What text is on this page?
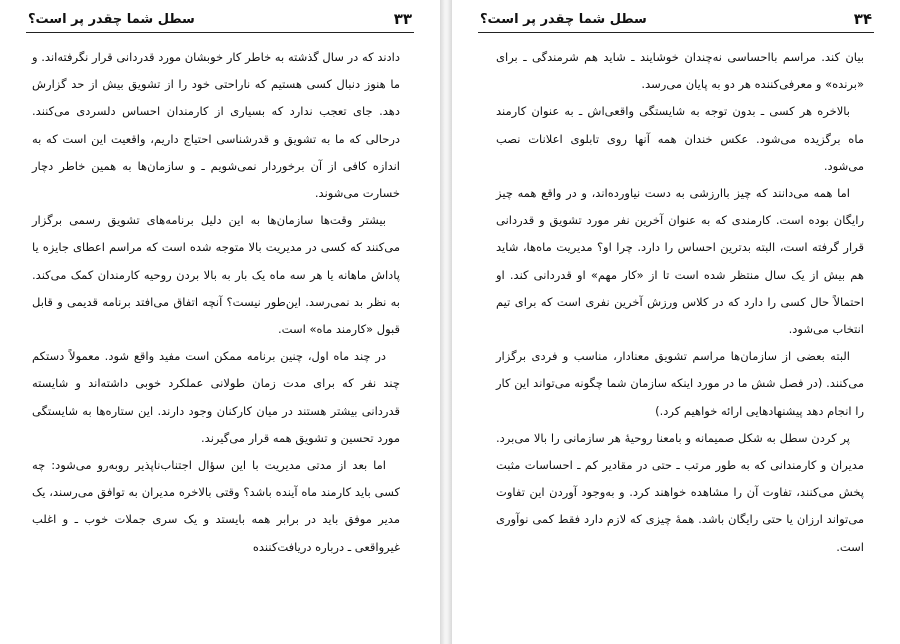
سطل شما چقدر پر است؟	۳۳

دادند که در سال گذشته به خاطر کار خوبشان مورد قدردانی قرار نگرفته‌اند. و ما هنوز دنبال کسی هستیم که ناراحتی خود را از تشویق بیش از حد گزارش دهد. جای تعجب ندارد که بسیاری از کارمندان احساس دلسردی می‌کنند. درحالی که ما به تشویق و قدرشناسی احتیاج داریم، واقعیت این است که به اندازه کافی از آن برخوردار نمی‌شویم ـ و سازمان‌ها به همین خاطر دچار خسارت می‌شوند.

بیشتر وقت‌ها سازمان‌ها به این دلیل برنامه‌های تشویق رسمی برگزار می‌کنند که کسی در مدیریت بالا متوجه شده است که مراسم اعطای جایزه یا پاداش ماهانه یا هر سه ماه یک بار به بالا بردن روحیه کارمندان کمک می‌کند. به نظر بد نمی‌رسد. این‌طور نیست؟ آنچه اتفاق می‌افتد برنامه قدیمی و قابل قبول «کارمند ماه» است.

در چند ماه اول، چنین برنامه ممکن است مفید واقع شود. معمولاً دستکم چند نفر که برای مدت زمان طولانی عملکرد خوبی داشته‌اند و شایسته قدردانی بیشتر هستند در میان کارکنان وجود دارند. این ستاره‌ها به شایستگی مورد تحسین و تشویق همه قرار می‌گیرند.

اما بعد از مدتی مدیریت با این سؤال اجتناب‌ناپذیر روبه‌رو می‌شود: چه کسی باید کارمند ماه آینده باشد؟ وقتی بالاخره مدیران به توافق می‌رسند، یک مدیر موفق باید در برابر همه بایستد و یک سری جملات خوب ـ و اغلب غیرواقعی ـ درباره دریافت‌کننده

سطل شما چقدر پر است؟	۳۴

بیان کند. مراسم بااحساسی نه‌چندان خوشایند ـ شاید هم شرمندگی ـ برای «برنده» و معرفی‌کننده هر دو به پایان می‌رسد.

بالاخره هر کسی ـ بدون توجه به شایستگی واقعی‌اش ـ به عنوان کارمند ماه برگزیده می‌شود. عکس خندان همه آنها روی تابلوی اعلانات نصب می‌شود.

اما همه می‌دانند که چیز باارزشی به دست نیاورده‌اند، و در واقع همه چیز رایگان بوده است. کارمندی که به عنوان آخرین نفر مورد تشویق و قدردانی قرار گرفته است، البته بدترین احساس را دارد. چرا او؟ مدیریت ماه‌ها، شاید هم بیش از یک سال منتظر شده است تا از «کار مهم» او قدردانی کند. او احتمالاً حال کسی را دارد که در کلاس ورزش آخرین نفری است که برای تیم انتخاب می‌شود.

البته بعضی از سازمان‌ها مراسم تشویق معنادار، مناسب و فردی برگزار می‌کنند. (در فصل شش ما در مورد اینکه سازمان شما چگونه می‌تواند این کار را انجام دهد پیشنهادهایی ارائه خواهیم کرد.)

پر کردن سطل به شکل صمیمانه و بامعنا روحیهٔ هر سازمانی را بالا می‌برد. مدیران و کارمندانی که به طور مرتب ـ حتی در مقادیر کم ـ احساسات مثبت پخش می‌کنند، تفاوت آن را مشاهده خواهند کرد. و به‌وجود آوردن این تفاوت می‌تواند ارزان یا حتی رایگان باشد. همهٔ چیزی که لازم دارد فقط کمی نوآوری است.
